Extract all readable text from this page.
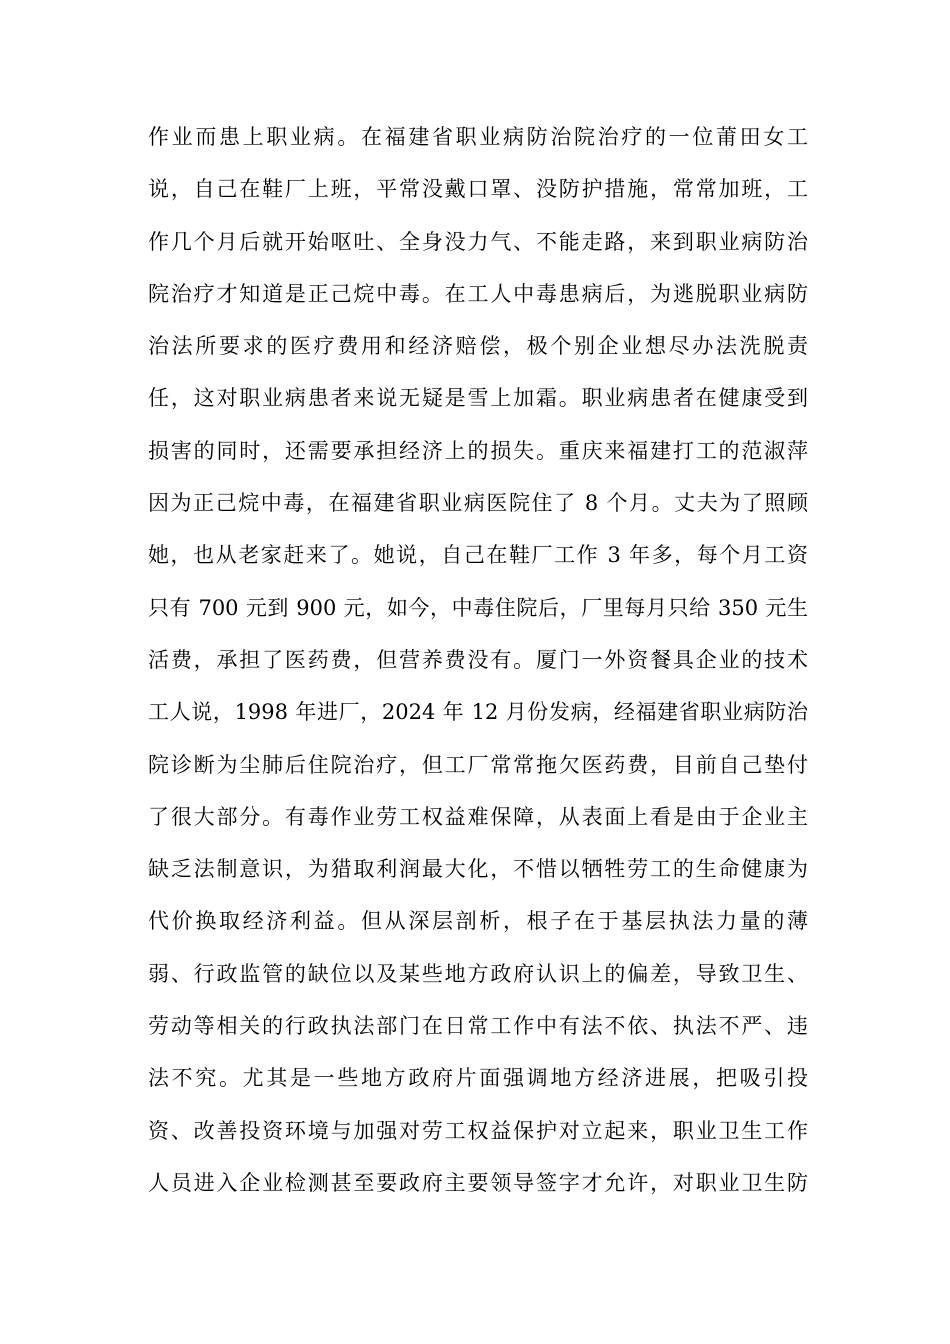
作业而患上职业病。在福建省职业病防治院治疗的一位莆田女工
说，自己在鞋厂上班，平常没戴口罩、没防护措施，常常加班，工
作几个月后就开始呕吐、全身没力气、不能走路，来到职业病防治
院治疗才知道是正己烷中毒。在工人中毒患病后，为逃脱职业病防
治法所要求的医疗费用和经济赔偿，极个别企业想尽办法洗脱责
任，这对职业病患者来说无疑是雪上加霜。职业病患者在健康受到
损害的同时，还需要承担经济上的损失。重庆来福建打工的范淑萍
因为正己烷中毒，在福建省职业病医院住了 8 个月。丈夫为了照顾
她，也从老家赶来了。她说，自己在鞋厂工作 3 年多，每个月工资
只有 700 元到 900 元，如今，中毒住院后，厂里每月只给 350 元生
活费，承担了医药费，但营养费没有。厦门一外资餐具企业的技术
工人说，1998 年进厂，2024 年 12 月份发病，经福建省职业病防治
院诊断为尘肺后住院治疗，但工厂常常拖欠医药费，目前自己垫付
了很大部分。有毒作业劳工权益难保障，从表面上看是由于企业主
缺乏法制意识，为猎取利润最大化，不惜以牺牲劳工的生命健康为
代价换取经济利益。但从深层剖析，根子在于基层执法力量的薄
弱、行政监管的缺位以及某些地方政府认识上的偏差，导致卫生、
劳动等相关的行政执法部门在日常工作中有法不依、执法不严、违
法不究。尤其是一些地方政府片面强调地方经济进展，把吸引投
资、改善投资环境与加强对劳工权益保护对立起来，职业卫生工作
人员进入企业检测甚至要政府主要领导签字才允许，对职业卫生防
